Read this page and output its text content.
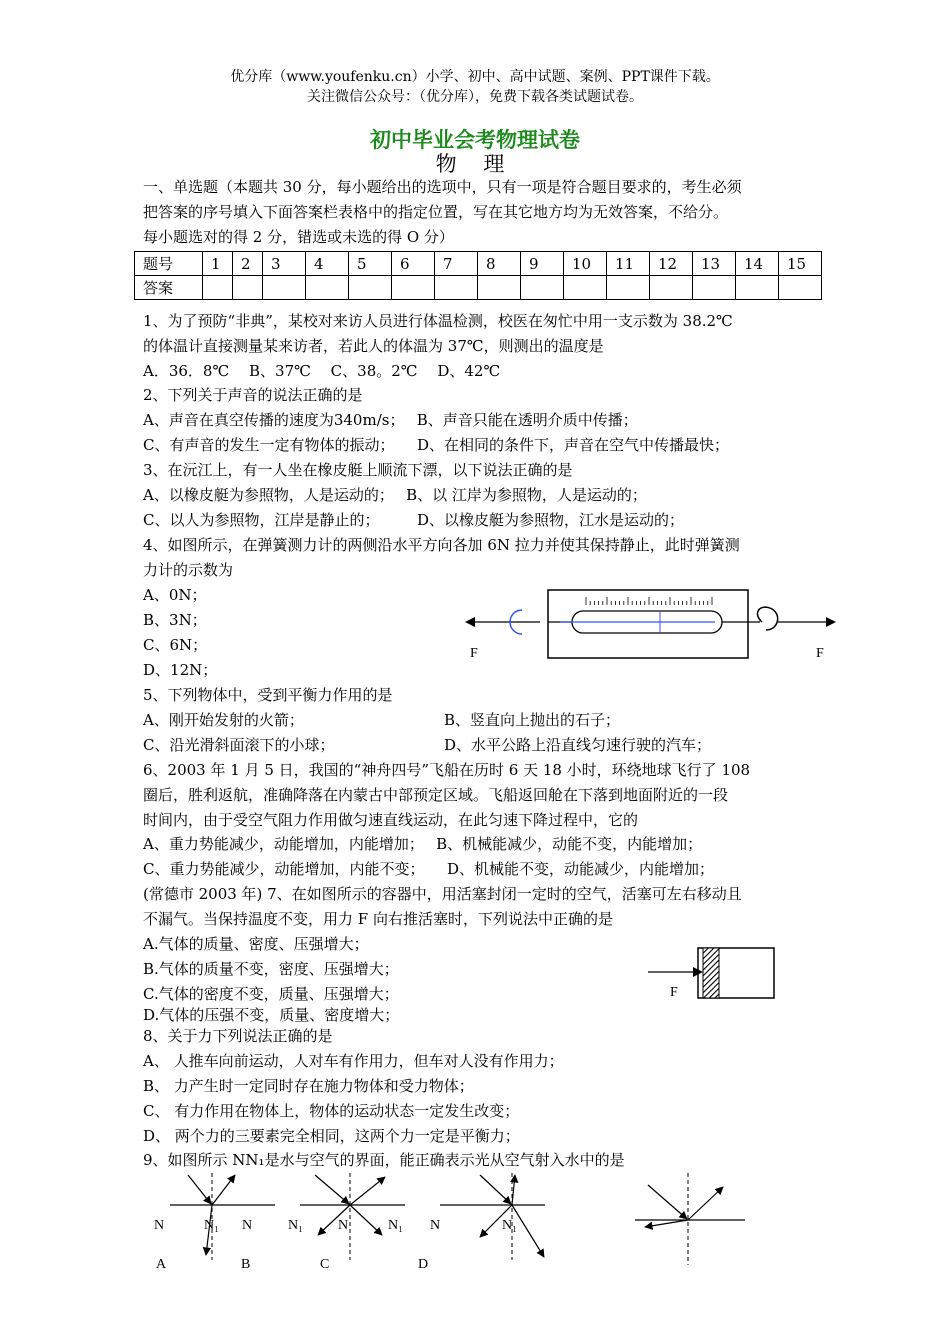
优分库（www.youfenku.cn）小学、初中、高中试题、案例、PPT课件下载。
关注微信公众号：（优分库），免费下载各类试题试卷。
初中毕业会考物理试卷
物 理
一、单选题（本题共 30 分，每小题给出的选项中，只有一项是符合题目要求的，考生必须
把答案的序号填入下面答案栏表格中的指定位置，写在其它地方均为无效答案，不给分。
每小题选对的得 2 分，错选或未选的得 O 分）
题号	1	2	3	4	5	6	7	8	9	10	11	12	13	14	15
答案															
1、为了预防“非典”，某校对来访人员进行体温检测，校医在匆忙中用一支示数为 38.2℃
的体温计直接测量某来访者，若此人的体温为 37℃，则测出的温度是
A．36．8℃　 B、37℃　 C、38。2℃　 D、42℃
2、下列关于声音的说法正确的是
A、声音在真空传播的速度为340m/s；　 B、声音只能在透明介质中传播；
C、有声音的发生一定有物体的振动；　　D、在相同的条件下，声音在空气中传播最快；
3、在沅江上，有一人坐在橡皮艇上顺流下漂，以下说法正确的是
A、以橡皮艇为参照物，人是运动的；　 B、以 江岸为参照物，人是运动的；
C、以人为参照物，江岸是静止的；　　　D、以橡皮艇为参照物，江水是运动的；
4、如图所示，在弹簧测力计的两侧沿水平方向各加 6N 拉力并使其保持静止，此时弹簧测
力计的示数为
A、0N；
B、3N；
C、6N；
D、12N；
F	F
5、下列物体中，受到平衡力作用的是
A、刚开始发射的火箭；	B、竖直向上抛出的石子；
C、沿光滑斜面滚下的小球；	D、水平公路上沿直线匀速行驶的汽车；
6、2003 年 1 月 5 日，我国的“神舟四号”飞船在历时 6 天 18 小时，环绕地球飞行了 108
圈后，胜利返航，准确降落在内蒙古中部预定区域。飞船返回舱在下落到地面附近的一段
时间内，由于受空气阻力作用做匀速直线运动，在此匀速下降过程中，它的
A、重力势能减少，动能增加，内能增加；　 B、机械能减少，动能不变，内能增加；
C、重力势能减少，动能增加，内能不变；　　D、机械能不变，动能减少，内能增加；
(常德市 2003 年) 7、在如图所示的容器中，用活塞封闭一定时的空气，活塞可左右移动且
不漏气。当保持温度不变，用力 F 向右推活塞时，下列说法中正确的是
A.气体的质量、密度、压强增大；
B.气体的质量不变，密度、压强增大；
C.气体的密度不变，质量、压强增大；
D.气体的压强不变，质量、密度增大；
F
8、关于力下列说法正确的是
A、 人推车向前运动，人对车有作用力，但车对人没有作用力；
B、 力产生时一定同时存在施力物体和受力物体；
C、 有力作用在物体上，物体的运动状态一定发生改变；
D、 两个力的三要素完全相同，这两个力一定是平衡力；
9、如图所示 NN₁是水与空气的界面，能正确表示光从空气射入水中的是
N	N₁ N	N₁	N	N₁ N	N₁
A	B	C	D
